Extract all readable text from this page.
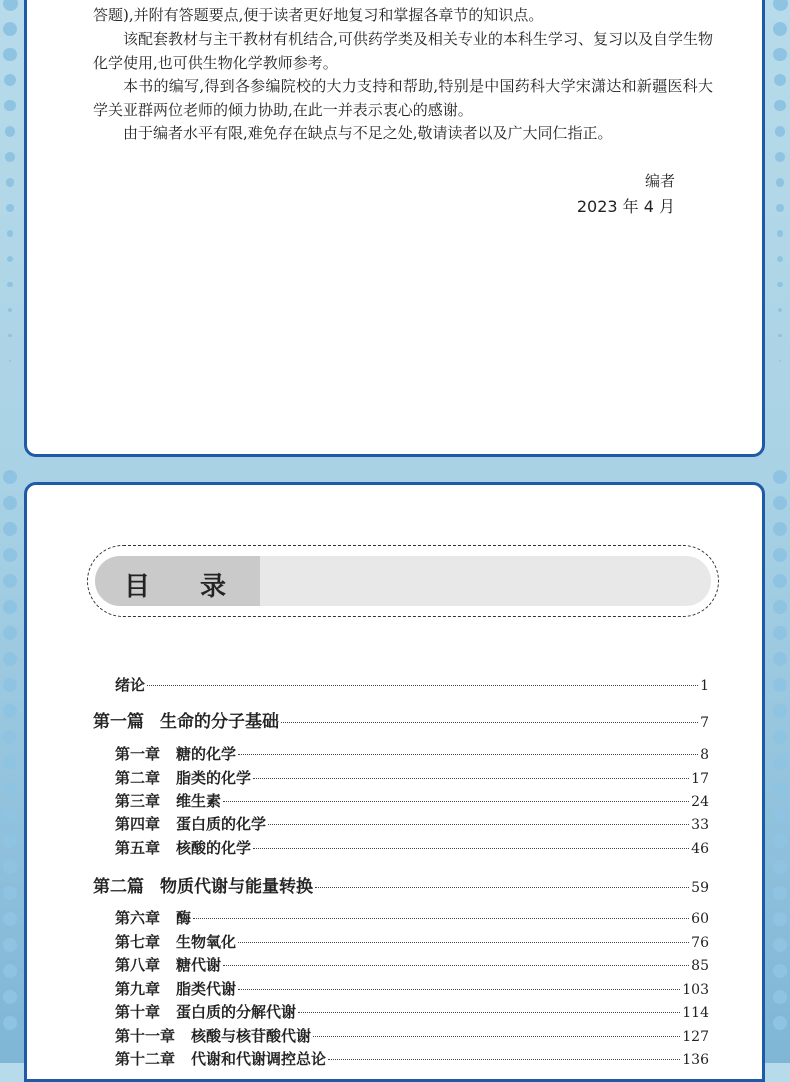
答题),并附有答题要点,便于读者更好地复习和掌握各章节的知识点。

该配套教材与主干教材有机结合,可供药学类及相关专业的本科生学习、复习以及自学生物化学使用,也可供生物化学教师参考。

本书的编写,得到各参编院校的大力支持和帮助,特别是中国药科大学宋潇达和新疆医科大学关亚群两位老师的倾力协助,在此一并表示衷心的感谢。

由于编者水平有限,难免存在缺点与不足之处,敬请读者以及广大同仁指正。

编者
2023 年 4 月
目录
绪论	1
第一篇 生命的分子基础	7
第一章 糖的化学	8
第二章 脂类的化学	17
第三章 维生素	24
第四章 蛋白质的化学	33
第五章 核酸的化学	46
第二篇 物质代谢与能量转换	59
第六章 酶	60
第七章 生物氧化	76
第八章 糖代谢	85
第九章 脂类代谢	103
第十章 蛋白质的分解代谢	114
第十一章 核酸与核苷酸代谢	127
第十二章 代谢和代谢调控总论	136
